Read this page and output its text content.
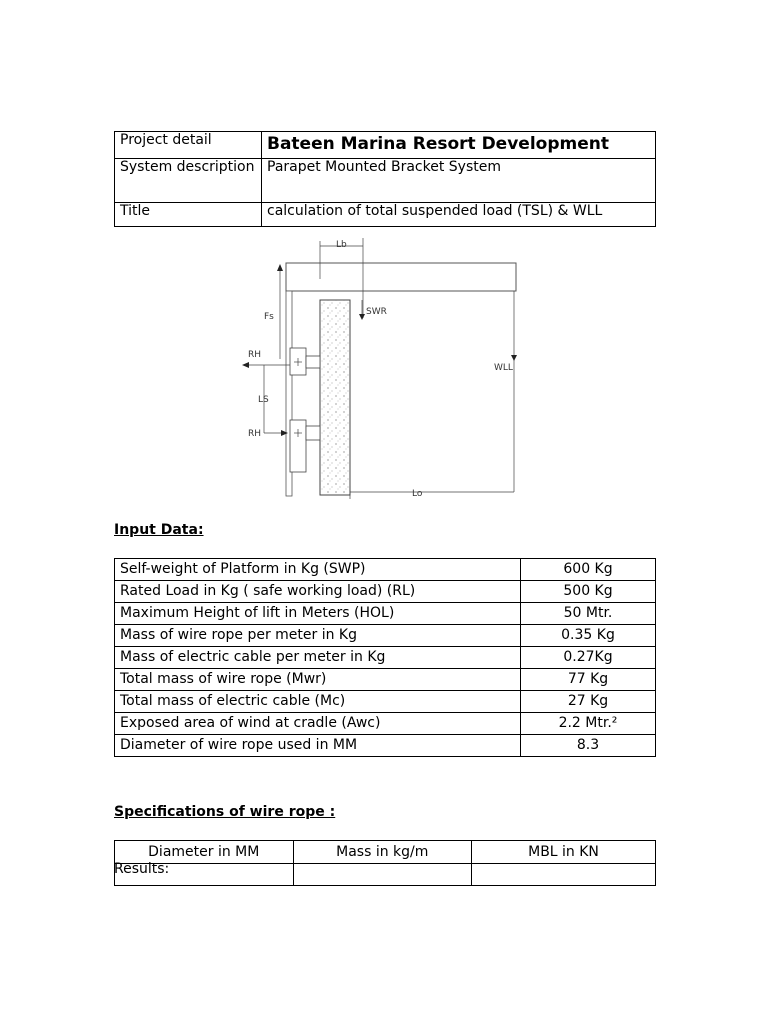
Project detail	Bateen Marina Resort Development
System description	Parapet Mounted Bracket System
Title	calculation of total suspended load (TSL) & WLL
Lb
Fs	SWR
RH
LS
RH
WLL
Lo
Input Data:
Self-weight of Platform in Kg (SWP)	600 Kg
Rated Load in Kg ( safe working load) (RL)	500 Kg
Maximum Height of lift in Meters (HOL)	50 Mtr.
Mass of wire rope per meter in Kg	0.35 Kg
Mass of electric cable per meter in Kg	0.27Kg
Total mass of wire rope (Mwr)	77 Kg
Total mass of electric cable (Mc)	27 Kg
Exposed area of wind at cradle (Awc)	2.2 Mtr.²
Diameter of wire rope used in MM	8.3
Specifications of wire rope :
Diameter in MM	Mass in kg/m	MBL in KN

Results:
